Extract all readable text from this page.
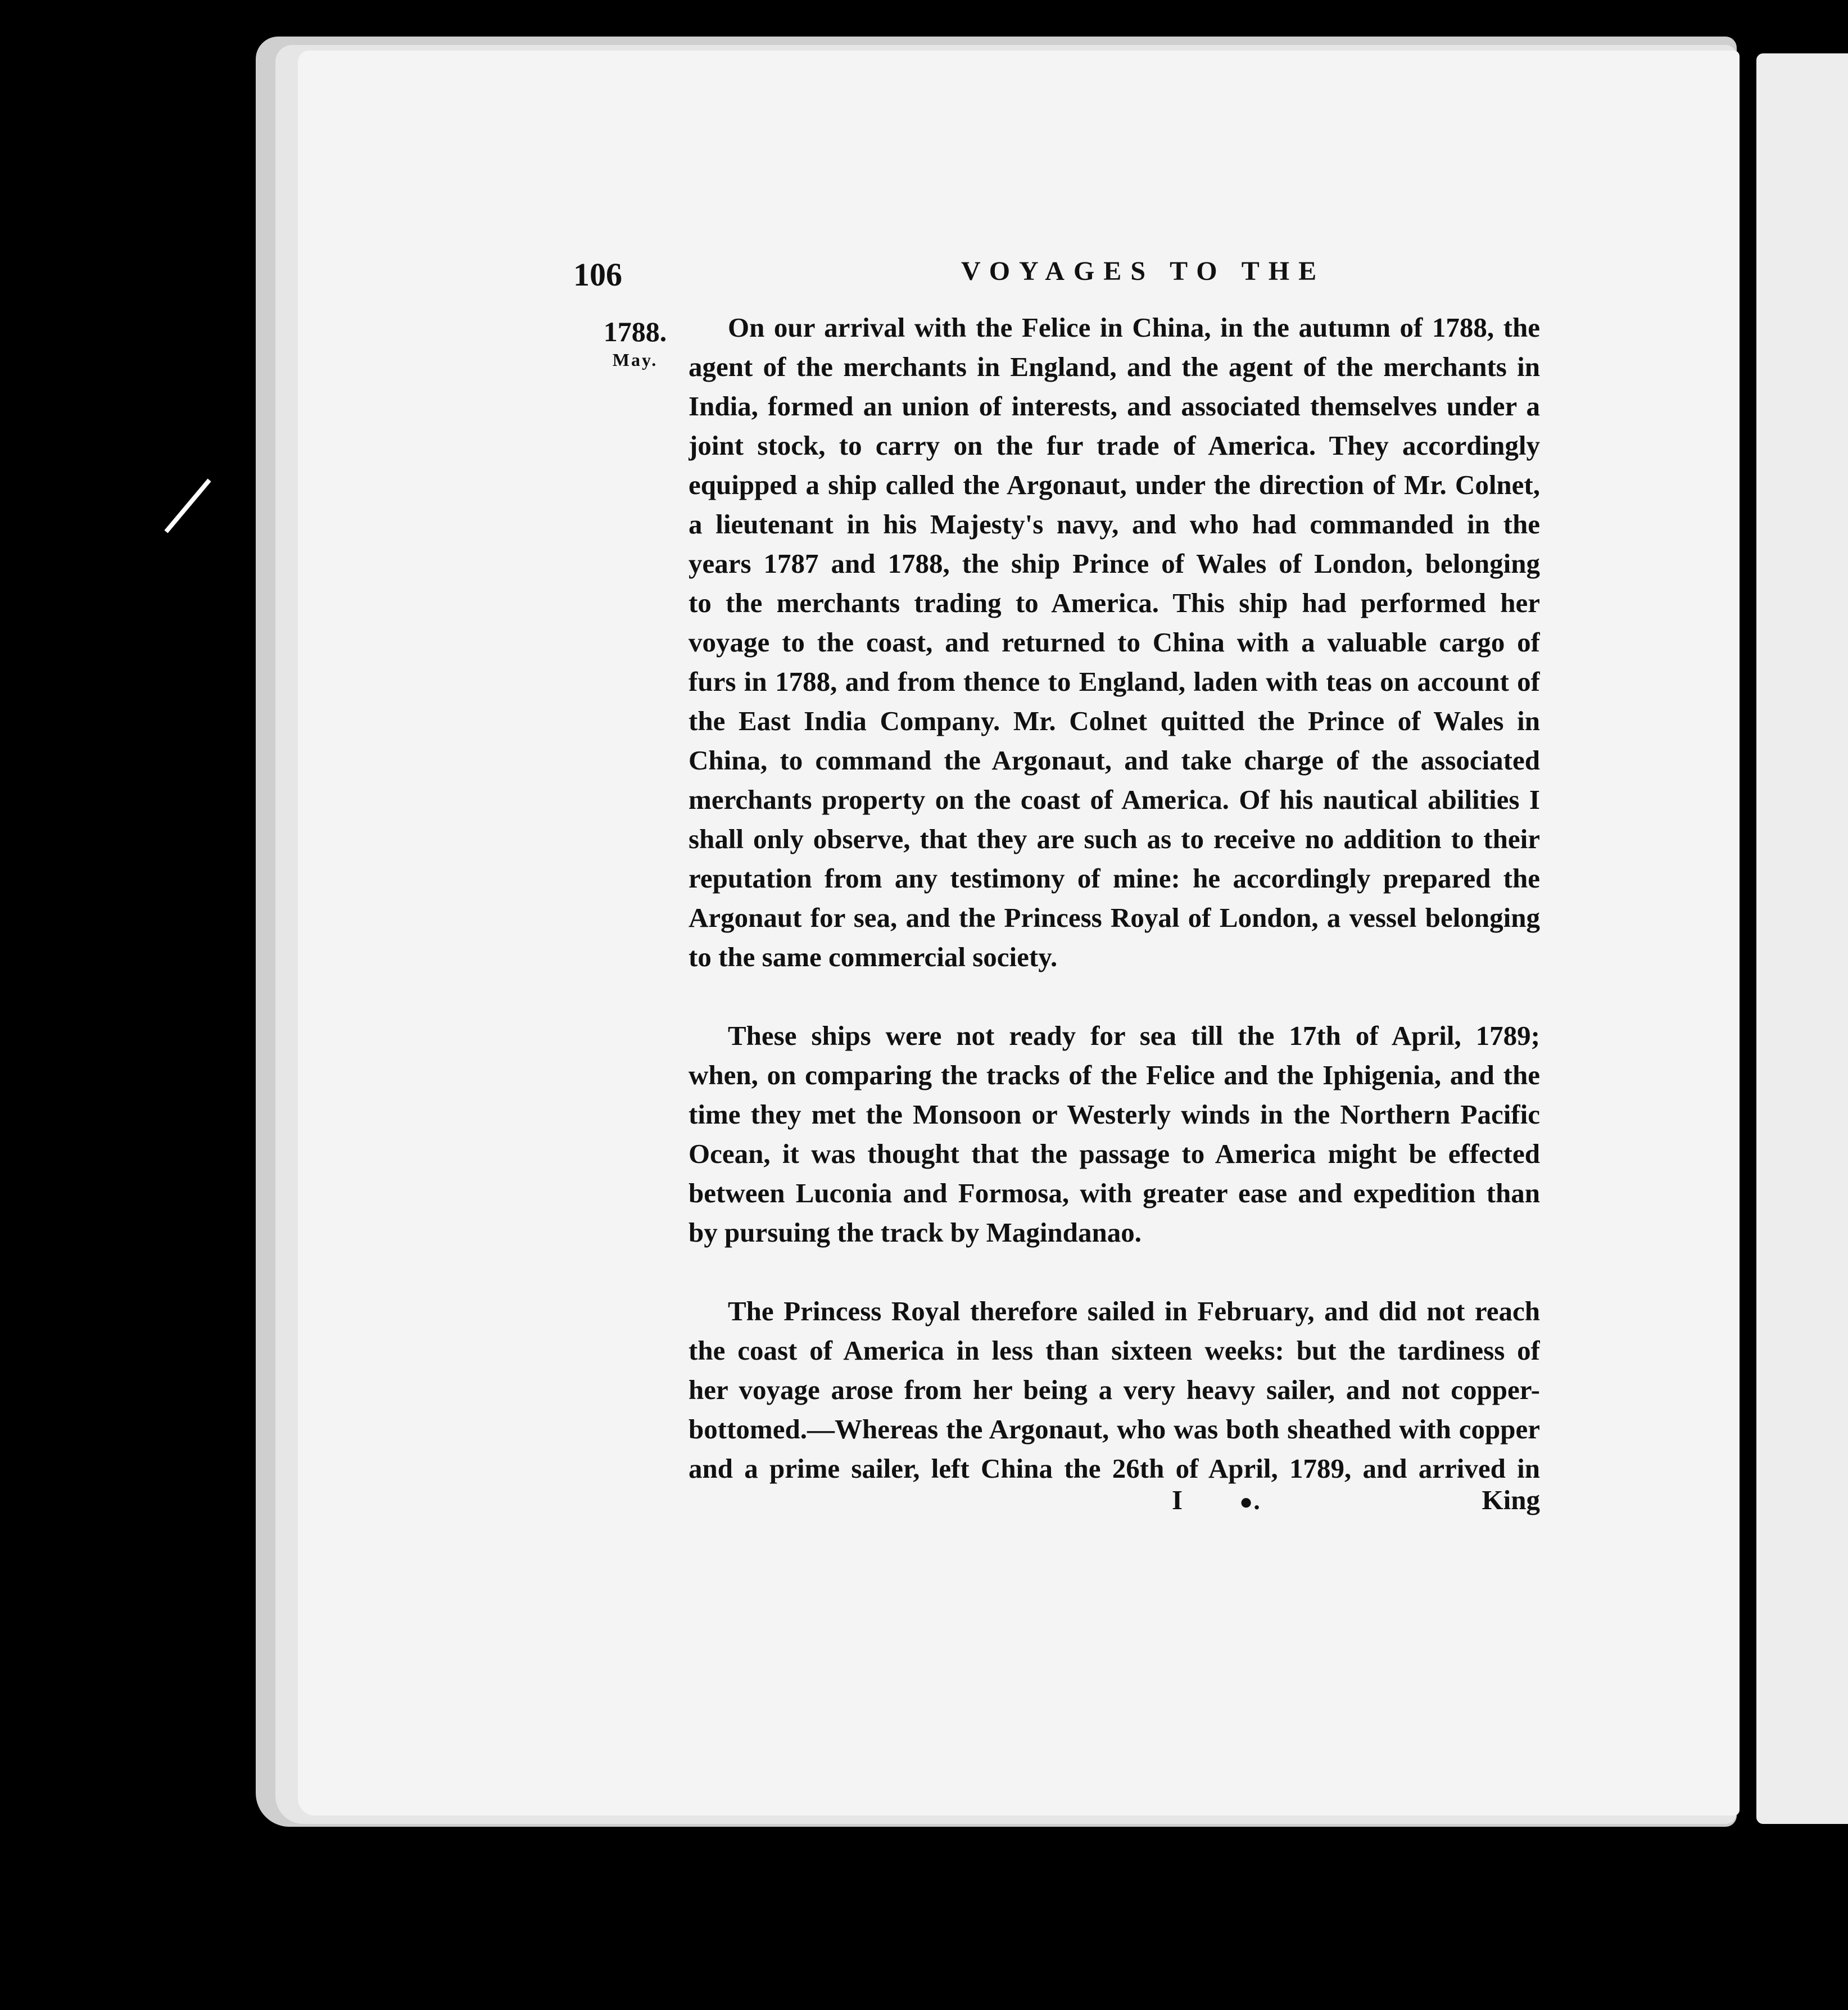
106	VOYAGES TO THE
1788.
May.
On our arrival with the Felice in China, in the autumn of 1788, the
agent of the merchants in England, and the agent of the merchants in
India, formed an union of interests, and associated themselves under a
joint stock, to carry on the fur trade of America. They accordingly
equipped a ship called the Argonaut, under the direction of Mr. Colnet,
a lieutenant in his Majesty's navy, and who had commanded in the
years 1787 and 1788, the ship Prince of Wales of London, belonging
to the merchants trading to America. This ship had performed her
voyage to the coast, and returned to China with a valuable cargo of
furs in 1788, and from thence to England, laden with teas on account of
the East India Company. Mr. Colnet quitted the Prince of Wales in
China, to command the Argonaut, and take charge of the associated
merchants property on the coast of America. Of his nautical abilities I
shall only observe, that they are such as to receive no addition to their
reputation from any testimony of mine: he accordingly prepared the
Argonaut for sea, and the Princess Royal of London, a vessel belonging
to the same commercial society.
These ships were not ready for sea till the 17th of April, 1789;
when, on comparing the tracks of the Felice and the Iphigenia, and the
time they met the Monsoon or Westerly winds in the Northern Pacific
Ocean, it was thought that the passage to America might be effected
between Luconia and Formosa, with greater ease and expedition than
by pursuing the track by Magindanao.
The Princess Royal therefore sailed in February, and did not reach
the coast of America in less than sixteen weeks: but the tardiness of
her voyage arose from her being a very heavy sailer, and not copper-
bottomed.—Whereas the Argonaut, who was both sheathed with copper
and a prime sailer, left China the 26th of April, 1789, and arrived in
I	●․	King
